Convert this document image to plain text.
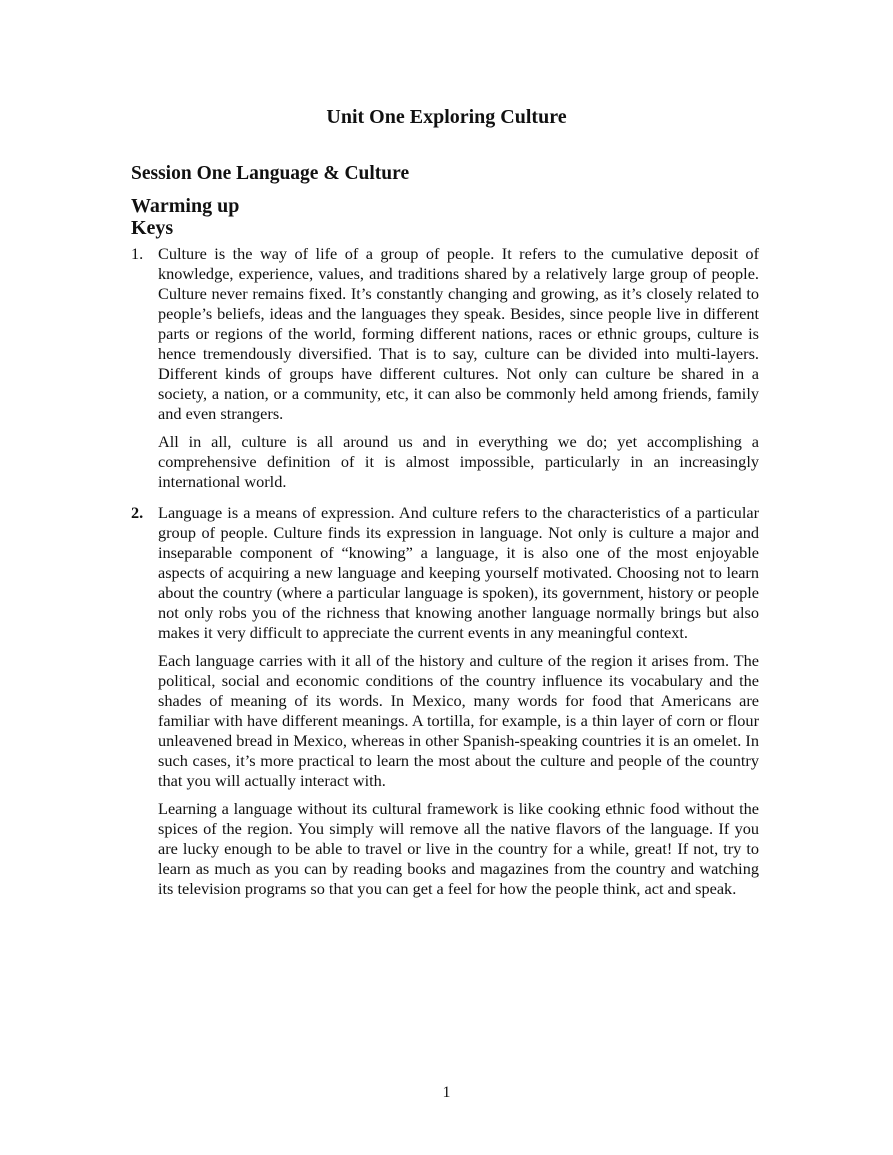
Unit One Exploring Culture
Session One Language & Culture
Warming up
Keys

1. Culture is the way of life of a group of people. It refers to the cumulative deposit of knowledge, experience, values, and traditions shared by a relatively large group of people. Culture never remains fixed. It’s constantly changing and growing, as it’s closely related to people’s beliefs, ideas and the languages they speak. Besides, since people live in different parts or regions of the world, forming different nations, races or ethnic groups, culture is hence tremendously diversified. That is to say, culture can be divided into multi-layers. Different kinds of groups have different cultures. Not only can culture be shared in a society, a nation, or a community, etc, it can also be commonly held among friends, family and even strangers.

All in all, culture is all around us and in everything we do; yet accomplishing a comprehensive definition of it is almost impossible, particularly in an increasingly international world.

2. Language is a means of expression. And culture refers to the characteristics of a particular group of people. Culture finds its expression in language. Not only is culture a major and inseparable component of “knowing” a language, it is also one of the most enjoyable aspects of acquiring a new language and keeping yourself motivated. Choosing not to learn about the country (where a particular language is spoken), its government, history or people not only robs you of the richness that knowing another language normally brings but also makes it very difficult to appreciate the current events in any meaningful context.

Each language carries with it all of the history and culture of the region it arises from. The political, social and economic conditions of the country influence its vocabulary and the shades of meaning of its words. In Mexico, many words for food that Americans are familiar with have different meanings. A tortilla, for example, is a thin layer of corn or flour unleavened bread in Mexico, whereas in other Spanish-speaking countries it is an omelet. In such cases, it’s more practical to learn the most about the culture and people of the country that you will actually interact with.

Learning a language without its cultural framework is like cooking ethnic food without the spices of the region. You simply will remove all the native flavors of the language. If you are lucky enough to be able to travel or live in the country for a while, great! If not, try to learn as much as you can by reading books and magazines from the country and watching its television programs so that you can get a feel for how the people think, act and speak.

1
